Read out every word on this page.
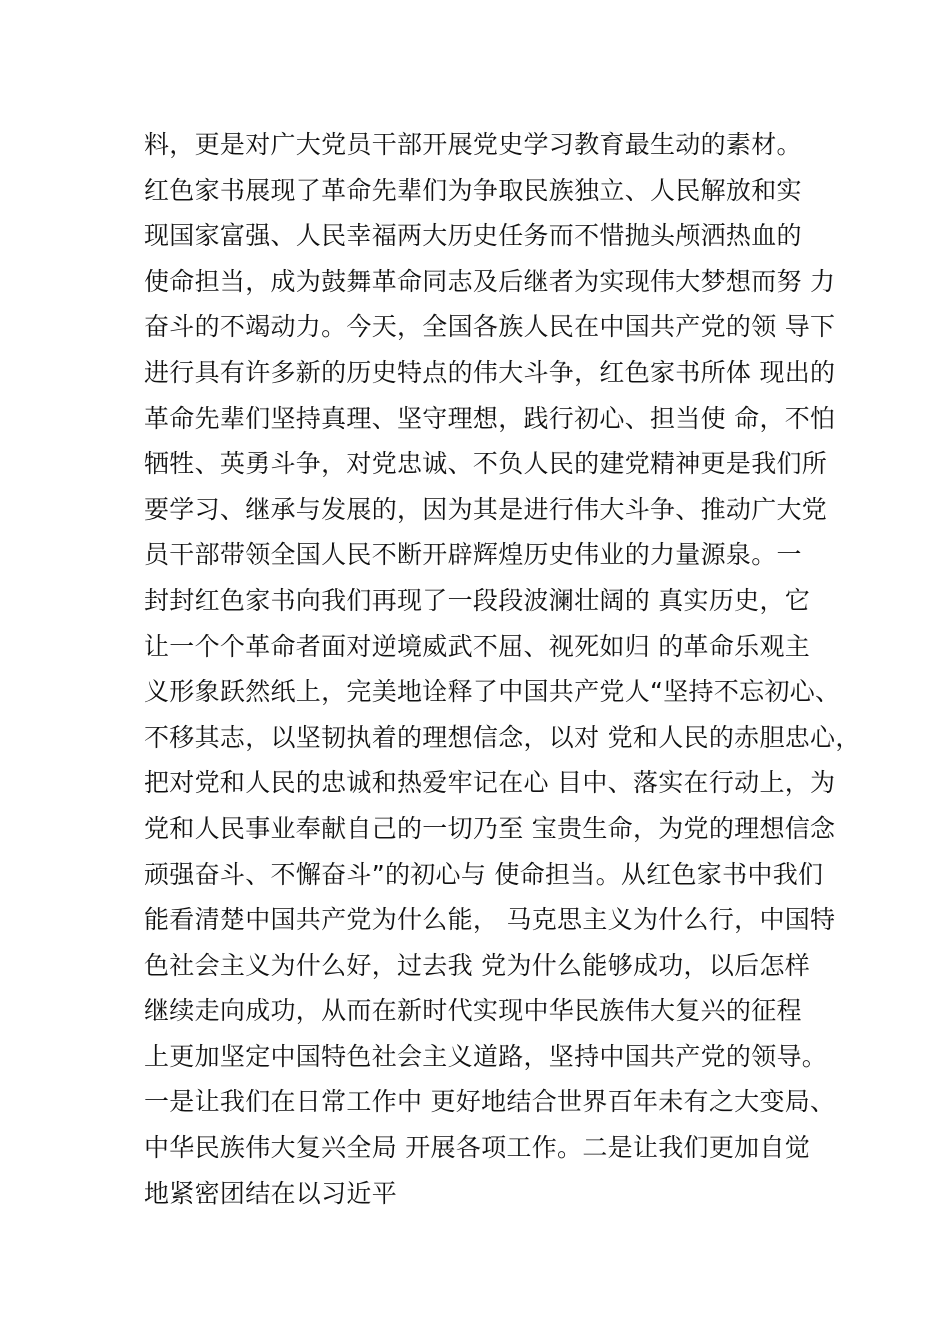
料，更是对广大党员干部开展党史学习教育最生动的素材。
红色家书展现了革命先辈们为争取民族独立、人民解放和实
现国家富强、人民幸福两大历史任务而不惜抛头颅洒热血的
使命担当，成为鼓舞革命同志及后继者为实现伟大梦想而努 力
奋斗的不竭动力。今天，全国各族人民在中国共产党的领 导下
进行具有许多新的历史特点的伟大斗争，红色家书所体 现出的
革命先辈们坚持真理、坚守理想，践行初心、担当使 命，不怕
牺牲、英勇斗争，对党忠诚、不负人民的建党精神更是我们所
要学习、继承与发展的，因为其是进行伟大斗争、推动广大党
员干部带领全国人民不断开辟辉煌历史伟业的力量源泉。一
封封红色家书向我们再现了一段段波澜壮阔的 真实历史，它
让一个个革命者面对逆境威武不屈、视死如归 的革命乐观主
义形象跃然纸上，完美地诠释了中国共产党人“坚持不忘初心、
不移其志，以坚韧执着的理想信念，以对 党和人民的赤胆忠心，
把对党和人民的忠诚和热爱牢记在心 目中、落实在行动上，为
党和人民事业奉献自己的一切乃至 宝贵生命，为党的理想信念
顽强奋斗、不懈奋斗”的初心与 使命担当。从红色家书中我们
能看清楚中国共产党为什么能， 马克思主义为什么行，中国特
色社会主义为什么好，过去我 党为什么能够成功，以后怎样
继续走向成功，从而在新时代实现中华民族伟大复兴的征程
上更加坚定中国特色社会主义道路，坚持中国共产党的领导。
一是让我们在日常工作中 更好地结合世界百年未有之大变局、
中华民族伟大复兴全局 开展各项工作。二是让我们更加自觉
地紧密团结在以习近平
